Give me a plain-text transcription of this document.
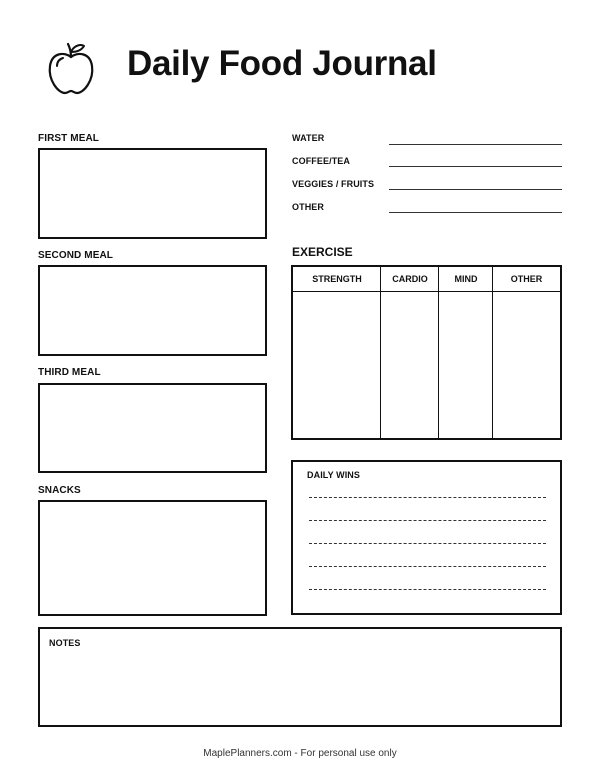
Daily Food Journal
FIRST MEAL
SECOND MEAL
THIRD MEAL
SNACKS
WATER
COFFEE/TEA
VEGGIES / FRUITS
OTHER
EXERCISE
STRENGTH	CARDIO	MIND	OTHER
DAILY WINS
NOTES
MaplePlanners.com - For personal use only
